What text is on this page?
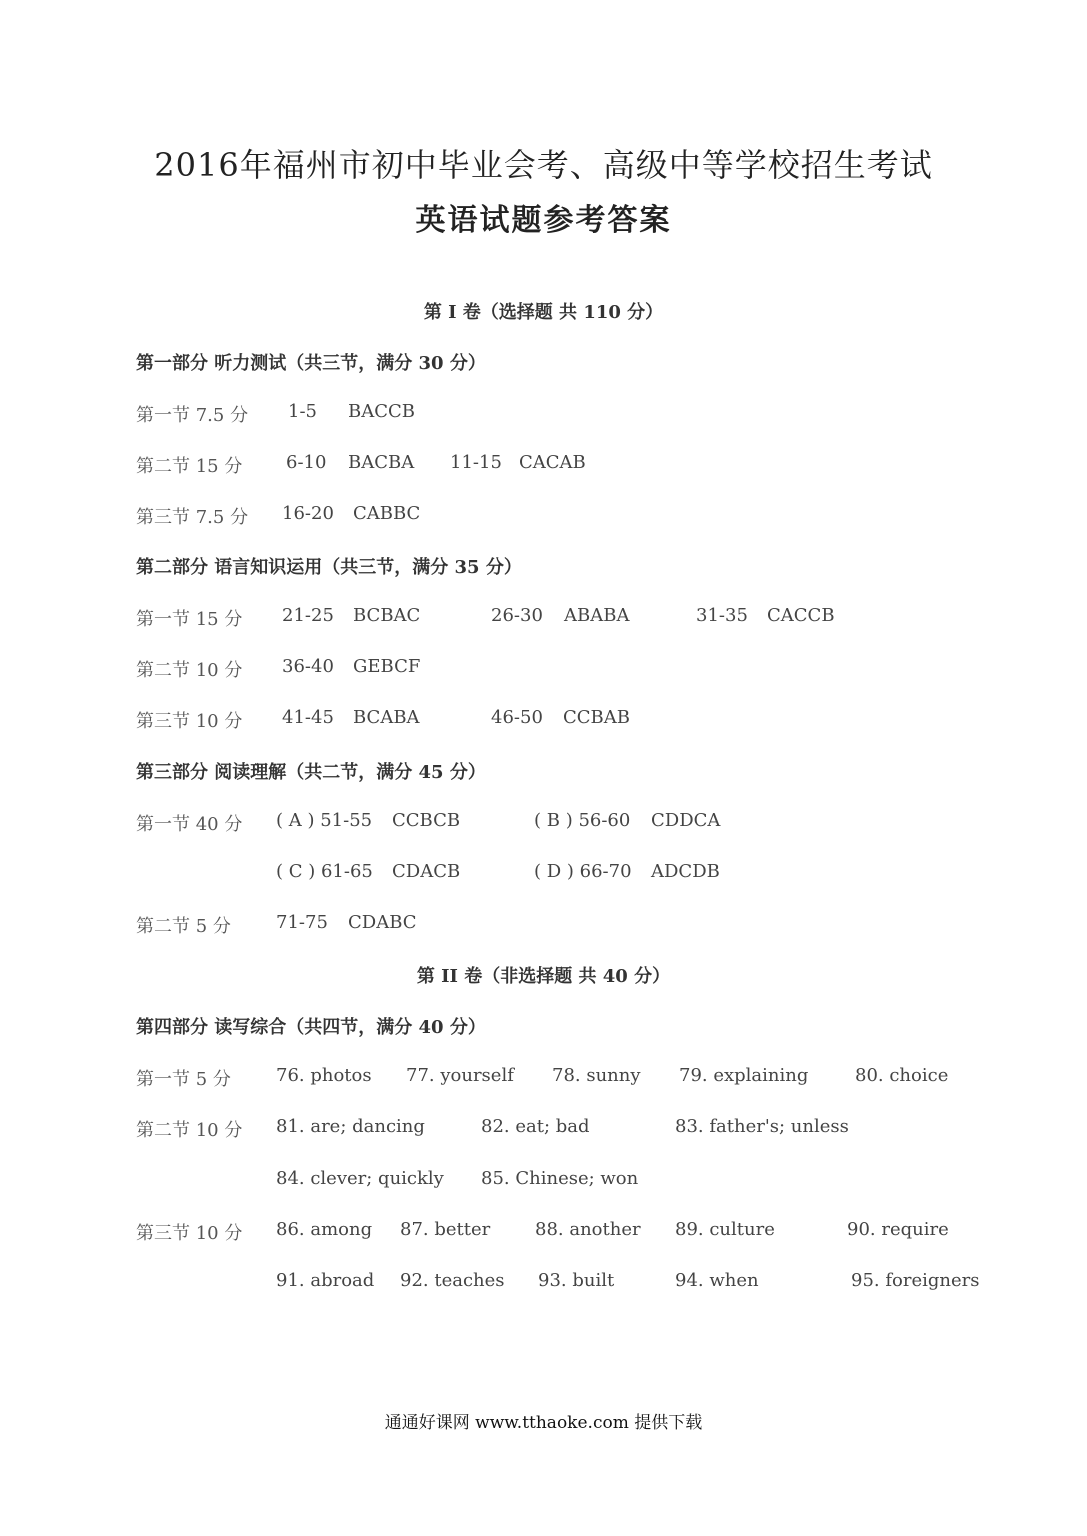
2016年福州市初中毕业会考、高级中等学校招生考试
英语试题参考答案
第 I 卷（选择题 共 110 分）
第一部分 听力测试（共三节，满分 30 分）
第一节 7.5 分 1-5 BACCB
第二节 15 分 6-10 BACBA 11-15 CACAB
第三节 7.5 分 16-20 CABBC
第二部分 语言知识运用（共三节，满分 35 分）
第一节 15 分 21-25 BCBAC	26-30 ABABA	31-35 CACCB
第二节 10 分 36-40 GEBCF
第三节 10 分 41-45 BCABA	46-50 CCBAB
第三部分 阅读理解（共二节，满分 45 分）
第一节 40 分 ( A ) 51-55 CCBCB	( B ) 56-60 CDDCA
( C ) 61-65 CDACB	( D ) 66-70 ADCDB
第二节 5 分	71-75 CDABC
第 II 卷（非选择题 共 40 分）
第四部分 读写综合（共四节，满分 40 分）
第一节 5 分	76. photos 77. yourself 78. sunny 79. explaining	80. choice
第二节 10 分 81. are; dancing	82. eat; bad	83. father's; unless
84. clever; quickly 85. Chinese; won
第三节 10 分 86. among 87. better 88. another 89. culture	90. require
91. abroad 92. teaches 93. built	94. when	95. foreigners
通通好课网 www.tthaoke.com 提供下载
